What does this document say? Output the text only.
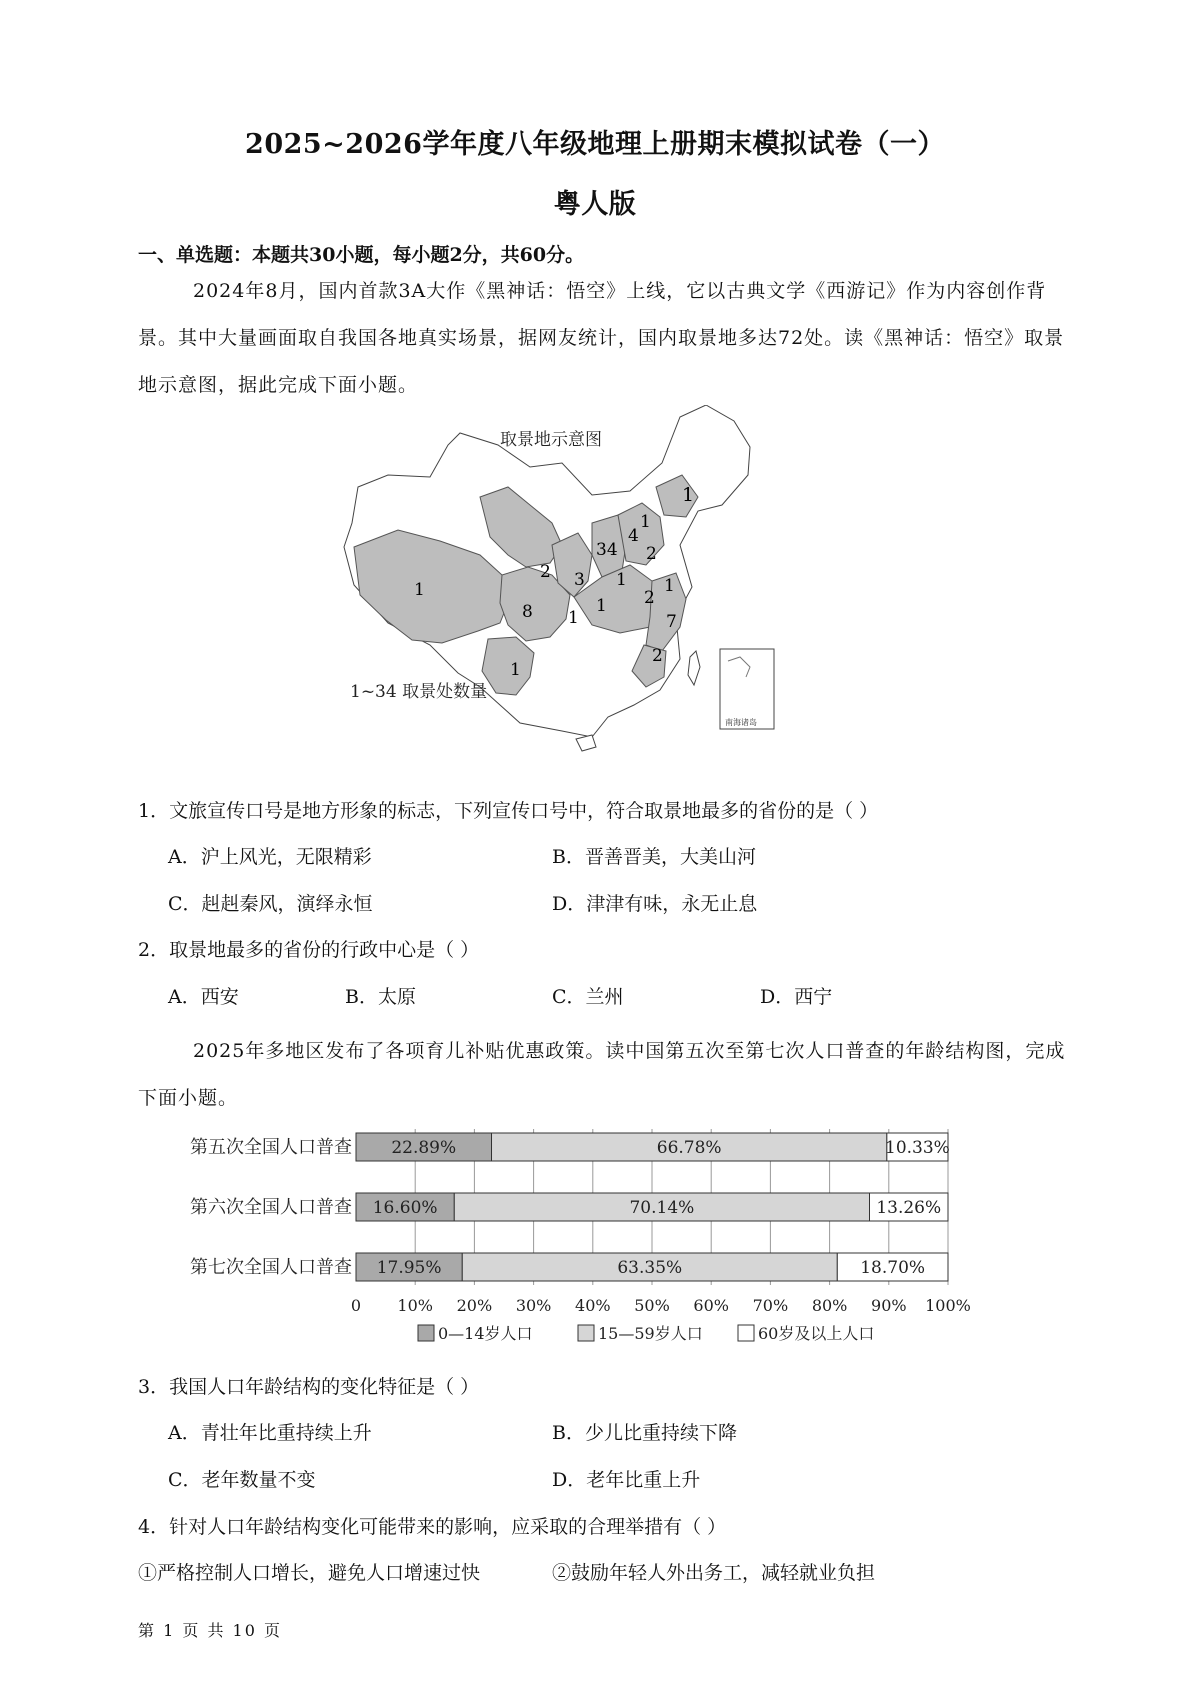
2025~2026学年度八年级地理上册期末模拟试卷（一）
粤人版
一、单选题：本题共30小题，每小题2分，共60分。
2024年8月，国内首款3A大作《黑神话：悟空》上线，它以古典文学《西游记》作为内容创作背景。其中大量画面取自我国各地真实场景，据网友统计，国内取景地多达72处。读《黑神话：悟空》取景地示意图，据此完成下面小题。
南海诸岛
取景地示意图
1~34 取景处数量
1
1
4
34 2
2 3 1 1
1
8	1 2
7
2
1
1
1．文旅宣传口号是地方形象的标志，下列宣传口号中，符合取景地最多的省份的是（ ）
A．沪上风光，无限精彩	B．晋善晋美，大美山河
C．赳赳秦风，演绎永恒	D．津津有味，永无止息
2．取景地最多的省份的行政中心是（ ）
A．西安	B．太原	C．兰州	D．西宁
2025年多地区发布了各项育儿补贴优惠政策。读中国第五次至第七次人口普查的年龄结构图，完成下面小题。
第五次全国人口普查 22.89%	66.78%	10.33%
第六次全国人口普查 16.60%	70.14%	13.26%
第七次全国人口普查 17.95%	63.35%	18.70%
0 10% 20% 30% 40% 50% 60% 70% 80% 90% 100%
0—14岁人口	15—59岁人口	60岁及以上人口
3．我国人口年龄结构的变化特征是（ ）
A．青壮年比重持续上升	B．少儿比重持续下降
C．老年数量不变	D．老年比重上升
4．针对人口年龄结构变化可能带来的影响，应采取的合理举措有（ ）
①严格控制人口增长，避免人口增速过快	②鼓励年轻人外出务工，减轻就业负担
第 1 页 共 10 页
